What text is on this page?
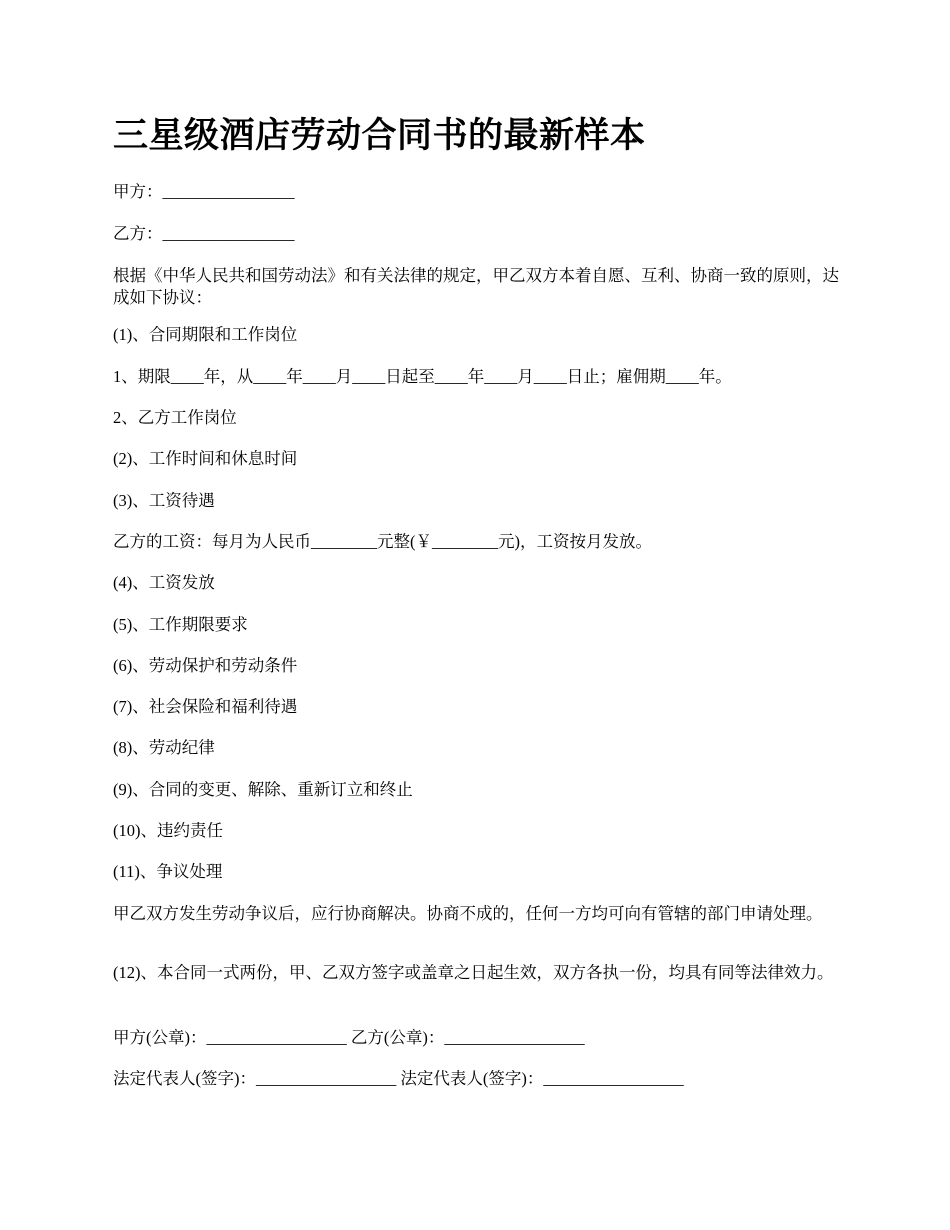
三星级酒店劳动合同书的最新样本

甲方：________________

乙方：________________

根据《中华人民共和国劳动法》和有关法律的规定，甲乙双方本着自愿、互利、协商一致的原则，达成如下协议：

(1)、合同期限和工作岗位

1、期限____年，从____年____月____日起至____年____月____日止；雇佣期____年。

2、乙方工作岗位

(2)、工作时间和休息时间

(3)、工资待遇

乙方的工资：每月为人民币________元整(￥________元)，工资按月发放。

(4)、工资发放

(5)、工作期限要求

(6)、劳动保护和劳动条件

(7)、社会保险和福利待遇

(8)、劳动纪律

(9)、合同的变更、解除、重新订立和终止

(10)、违约责任

(11)、争议处理

甲乙双方发生劳动争议后，应行协商解决。协商不成的，任何一方均可向有管辖的部门申请处理。

(12)、本合同一式两份，甲、乙双方签字或盖章之日起生效，双方各执一份，均具有同等法律效力。

甲方(公章)：_________________ 乙方(公章)：_________________

法定代表人(签字)：_________________ 法定代表人(签字)：_________________
